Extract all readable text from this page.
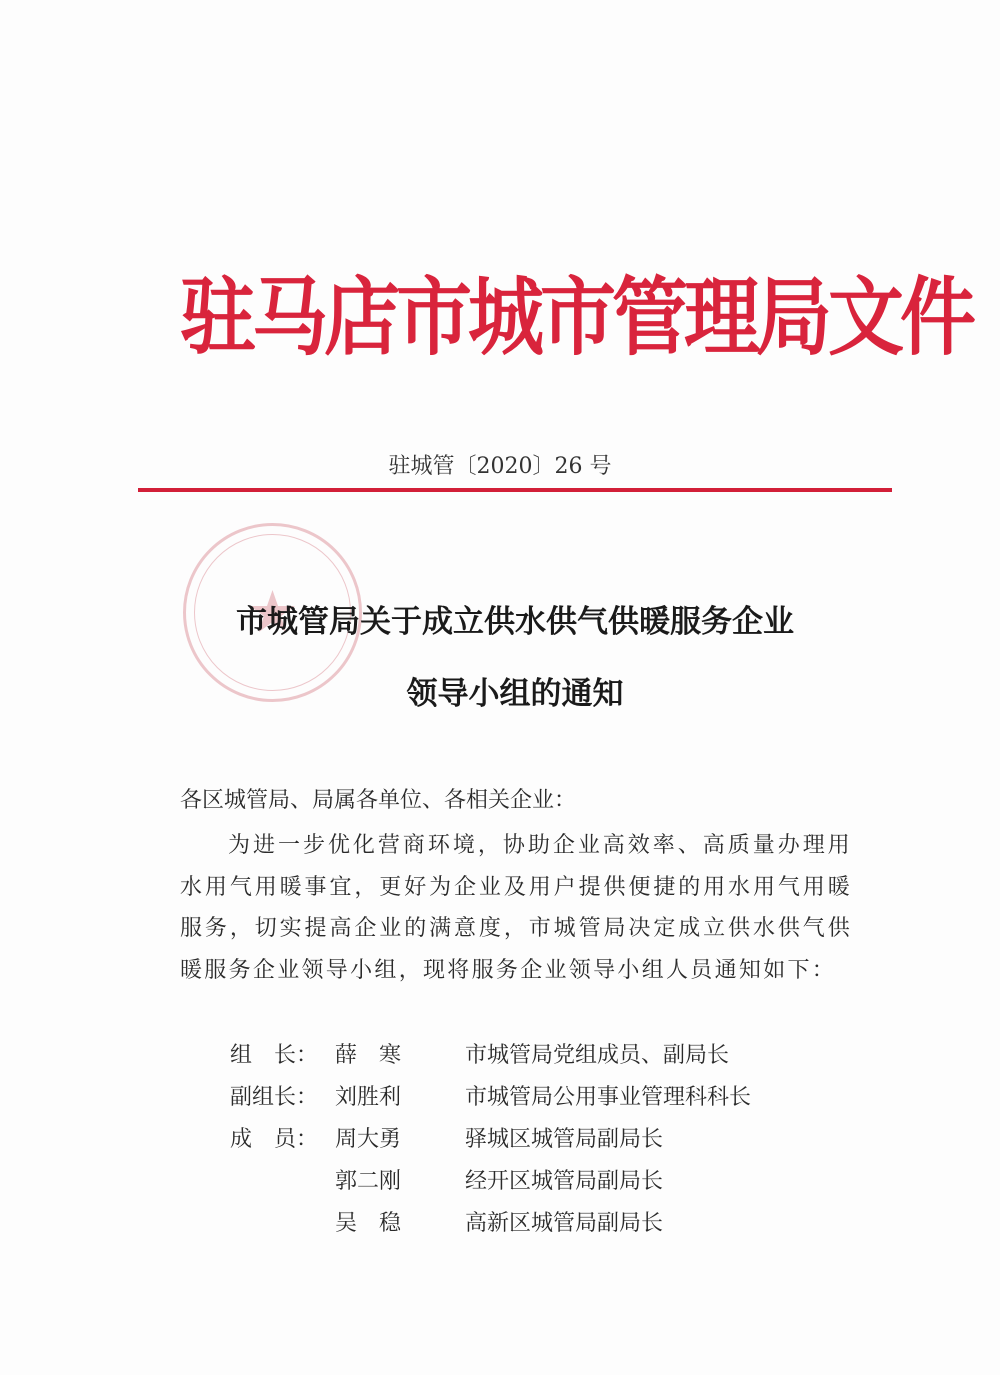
驻马店市城市管理局文件
驻城管〔2020〕26 号
市城管局关于成立供水供气供暖服务企业
领导小组的通知
各区城管局、局属各单位、各相关企业：
为进一步优化营商环境，协助企业高效率、高质量办理用水用气用暖事宜，更好为企业及用户提供便捷的用水用气用暖服务，切实提高企业的满意度，市城管局决定成立供水供气供暖服务企业领导小组，现将服务企业领导小组人员通知如下：
组　长： 薛　寒	市城管局党组成员、副局长
副组长： 刘胜利	市城管局公用事业管理科科长
成　员： 周大勇	驿城区城管局副局长
郭二刚	经开区城管局副局长
吴　稳	高新区城管局副局长
